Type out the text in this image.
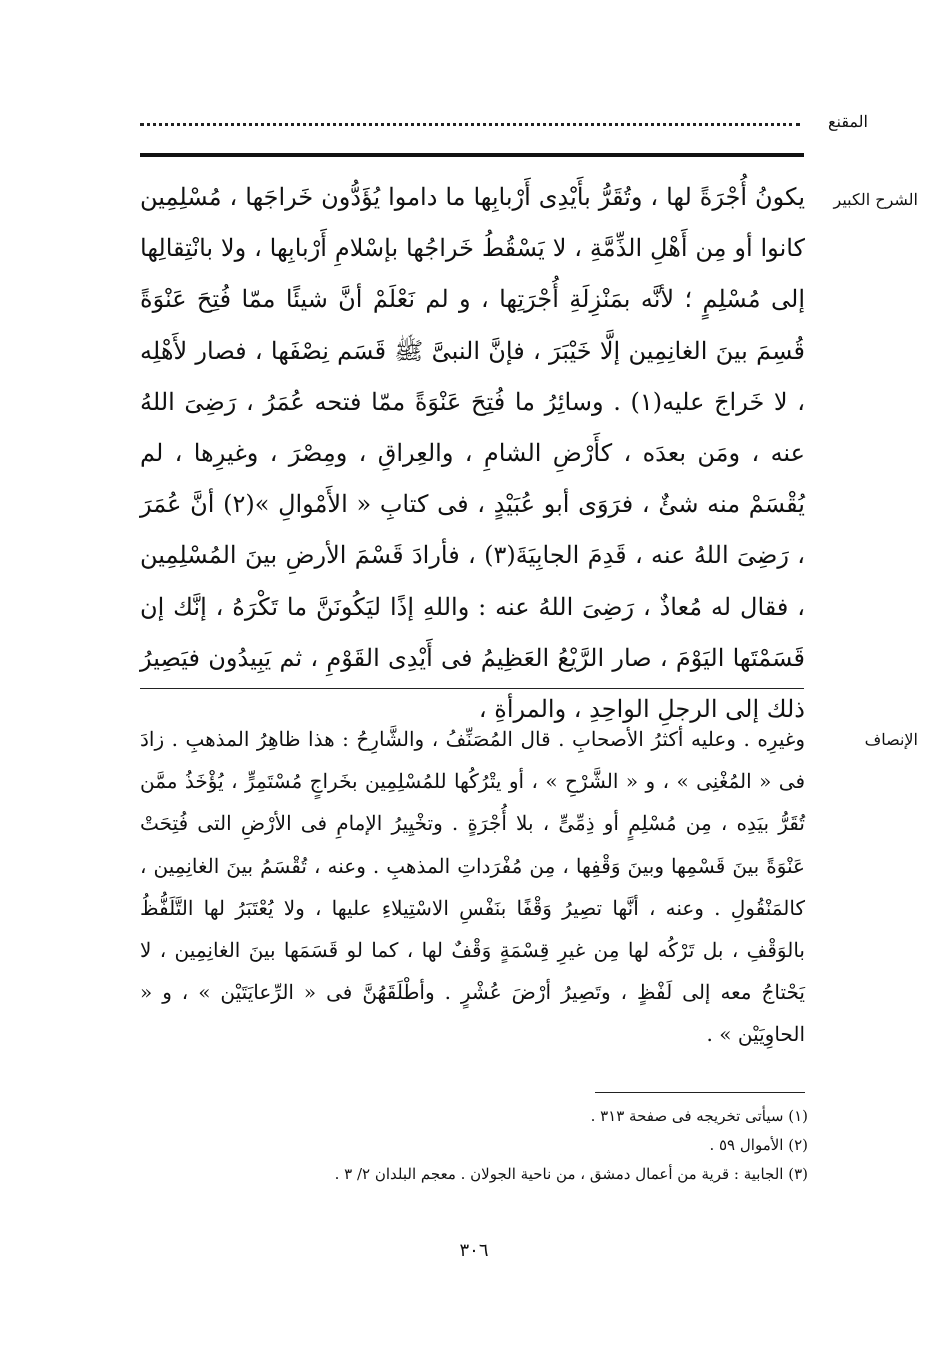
المقنع
الشرح الكبير

يكونُ أُجْرَةً لها ، وتُقَرُّ بأَيْدِى أَرْبابِها ما داموا يُؤَدُّون خَراجَها ، مُسْلِمِين كانوا أو مِن أَهْلِ الذِّمَّةِ ، لا يَسْقُطُ خَراجُها بإسْلامِ أَرْبابِها ، ولا بانْتِقالِها إلى مُسْلِمٍ ؛ لأنَّه بمَنْزِلَةِ أُجْرَتِها ، و لم نَعْلَمْ أنَّ شيئًا ممّا فُتِحَ عَنْوَةً قُسِمَ بينَ الغانِمِين إلَّا خَيْبَرَ ، فإنَّ النبىَّ ﷺ قَسَم نِصْفَها ، فصار لأَهْلِه ، لا خَراجَ عليه(١) . وسائِرُ ما فُتِحَ عَنْوَةً ممّا فتحه عُمَرُ ، رَضِىَ اللهُ عنه ، ومَن بعدَه ، كأَرْضِ الشامِ ، والعِراقِ ، ومِصْرَ ، وغيرِها ، لم يُقْسَمْ منه شئٌ ، فرَوَى أبو عُبَيْدٍ ، فى كتابِ « الأَمْوالِ »(٢) أنَّ عُمَرَ ، رَضِىَ اللهُ عنه ، قَدِمَ الجابِيَةَ(٣) ، فأرادَ قَسْمَ الأرضِ بينَ المُسْلِمِين ، فقال له مُعاذٌ ، رَضِىَ اللهُ عنه : واللهِ إذًا ليَكُونَنَّ ما تَكْرَهُ ، إنَّك إن قَسَمْتَها اليَوْمَ ، صار الرَّيْعُ العَظِيمُ فى أَيْدِى القَوْمِ ، ثم يَبِيدُون فيَصِيرُ ذلك إلى الرجلِ الواحِدِ ، والمرأةِ ،

الإنصاف

وغيرِه . وعليه أكثرُ الأصحابِ . قال المُصَنِّفُ ، والشَّارِحُ : هذا ظاهِرُ المذهبِ . زادَ فى « المُغْنِى » ، و « الشَّرْحِ » ، أو يتْرُكُها للمُسْلِمِين بخَراجٍ مُسْتَمِرٍّ ، يُؤْخَذُ ممَّن تُقَرُّ بيَدِه ، مِن مُسْلِمٍ أو ذِمِّىٍّ ، بلا أُجْرَةٍ . وتخْيِيرُ الإمامِ فى الأرْضِ التى فُتِحَتْ عَنْوَةً بينَ قَسْمِها وبينَ وَقْفِها ، مِن مُفْرَداتِ المذهبِ . وعنه ، تُقْسَمُ بينَ الغانِمِين ، كالمَنْقُولِ . وعنه ، أنَّها تصِيرُ وَقْفًا بنَفْسِ الاسْتِيلاءِ عليها ، ولا يُعْتَبَرُ لها التَّلَفُّظُ بالوَقْفِ ، بل تَرْكُه لها مِن غيرِ قِسْمَةٍ وَقْفٌ لها ، كما لو قَسَمَها بينَ الغانِمِين ، لا يَحْتاجُ معه إلى لَفْظٍ ، وتَصِيرُ أرْضَ عُشْرٍ . وأطْلَقَهُنَّ فى « الرِّعايَتَيْن » ، و « الحاوِيَيْن » .

(١) سيأتى تخريجه فى صفحة ٣١٣ .
(٢) الأموال ٥٩ .
(٣) الجابية : قرية من أعمال دمشق ، من ناحية الجولان . معجم البلدان ٢/ ٣ .
٣٠٦
